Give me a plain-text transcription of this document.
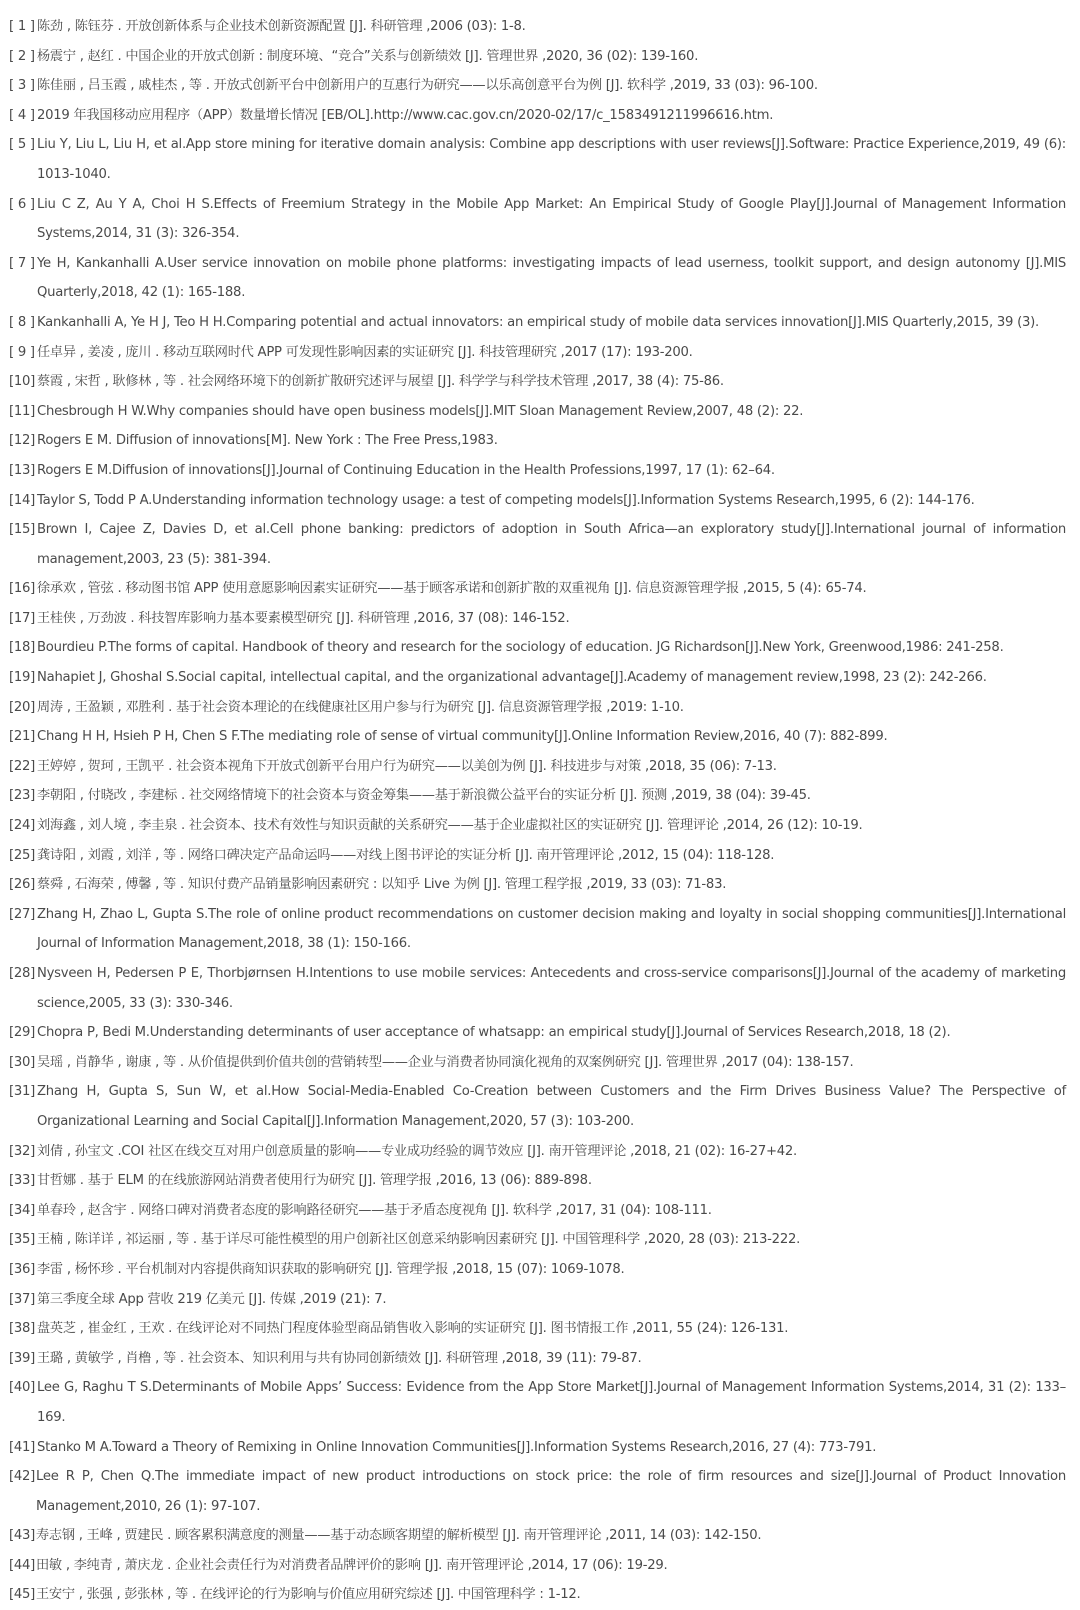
[ 1 ] 陈劲 , 陈钰芬 . 开放创新体系与企业技术创新资源配置 [J]. 科研管理 ,2006 (03): 1-8.
[ 2 ] 杨震宁 , 赵红 . 中国企业的开放式创新 : 制度环境、“竞合”关系与创新绩效 [J]. 管理世界 ,2020, 36 (02): 139-160.
[ 3 ] 陈佳丽 , 吕玉霞 , 戚桂杰 , 等 . 开放式创新平台中创新用户的互惠行为研究——以乐高创意平台为例 [J]. 软科学 ,2019, 33 (03): 96-100.
[ 4 ] 2019 年我国移动应用程序（APP）数量增长情况 [EB/OL].http://www.cac.gov.cn/2020-02/17/c_1583491211996616.htm.
[ 5 ] Liu Y, Liu L, Liu H, et al.App store mining for iterative domain analysis: Combine app descriptions with user reviews[J].Software: Practice Experience,2019, 49 (6): 1013-1040.
[ 6 ] Liu C Z, Au Y A, Choi H S.Effects of Freemium Strategy in the Mobile App Market: An Empirical Study of Google Play[J].Journal of Management Information Systems,2014, 31 (3): 326-354.
[ 7 ] Ye H, Kankanhalli A.User service innovation on mobile phone platforms: investigating impacts of lead userness, toolkit support, and design autonomy [J].MIS Quarterly,2018, 42 (1): 165-188.
[ 8 ] Kankanhalli A, Ye H J, Teo H H.Comparing potential and actual innovators: an empirical study of mobile data services innovation[J].MIS Quarterly,2015, 39 (3).
[ 9 ] 任卓异 , 姜凌 , 庞川 . 移动互联网时代 APP 可发现性影响因素的实证研究 [J]. 科技管理研究 ,2017 (17): 193-200.
[10] 蔡霞 , 宋哲 , 耿修林 , 等 . 社会网络环境下的创新扩散研究述评与展望 [J]. 科学学与科学技术管理 ,2017, 38 (4): 75-86.
[11] Chesbrough H W.Why companies should have open business models[J].MIT Sloan Management Review,2007, 48 (2): 22.
[12] Rogers E M. Diffusion of innovations[M]. New York : The Free Press,1983.
[13] Rogers E M.Diffusion of innovations[J].Journal of Continuing Education in the Health Professions,1997, 17 (1): 62–64.
[14] Taylor S, Todd P A.Understanding information technology usage: a test of competing models[J].Information Systems Research,1995, 6 (2): 144-176.
[15] Brown I, Cajee Z, Davies D, et al.Cell phone banking: predictors of adoption in South Africa—an exploratory study[J].International journal of information management,2003, 23 (5): 381-394.
[16] 徐承欢 , 管弦 . 移动图书馆 APP 使用意愿影响因素实证研究——基于顾客承诺和创新扩散的双重视角 [J]. 信息资源管理学报 ,2015, 5 (4): 65-74.
[17] 王桂侠 , 万劲波 . 科技智库影响力基本要素模型研究 [J]. 科研管理 ,2016, 37 (08): 146-152.
[18] Bourdieu P.The forms of capital. Handbook of theory and research for the sociology of education. JG Richardson[J].New York, Greenwood,1986: 241-258.
[19] Nahapiet J, Ghoshal S.Social capital, intellectual capital, and the organizational advantage[J].Academy of management review,1998, 23 (2): 242-266.
[20] 周涛 , 王盈颖 , 邓胜利 . 基于社会资本理论的在线健康社区用户参与行为研究 [J]. 信息资源管理学报 ,2019: 1-10.
[21] Chang H H, Hsieh P H, Chen S F.The mediating role of sense of virtual community[J].Online Information Review,2016, 40 (7): 882-899.
[22] 王婷婷 , 贺珂 , 王凯平 . 社会资本视角下开放式创新平台用户行为研究——以美创为例 [J]. 科技进步与对策 ,2018, 35 (06): 7-13.
[23] 李朝阳 , 付晓改 , 李建标 . 社交网络情境下的社会资本与资金筹集——基于新浪微公益平台的实证分析 [J]. 预测 ,2019, 38 (04): 39-45.
[24] 刘海鑫 , 刘人境 , 李圭泉 . 社会资本、技术有效性与知识贡献的关系研究——基于企业虚拟社区的实证研究 [J]. 管理评论 ,2014, 26 (12): 10-19.
[25] 龚诗阳 , 刘霞 , 刘洋 , 等 . 网络口碑决定产品命运吗——对线上图书评论的实证分析 [J]. 南开管理评论 ,2012, 15 (04): 118-128.
[26] 蔡舜 , 石海荣 , 傅馨 , 等 . 知识付费产品销量影响因素研究 : 以知乎 Live 为例 [J]. 管理工程学报 ,2019, 33 (03): 71-83.
[27] Zhang H, Zhao L, Gupta S.The role of online product recommendations on customer decision making and loyalty in social shopping communities[J].International Journal of Information Management,2018, 38 (1): 150-166.
[28] Nysveen H, Pedersen P E, Thorbjørnsen H.Intentions to use mobile services: Antecedents and cross-service comparisons[J].Journal of the academy of marketing science,2005, 33 (3): 330-346.
[29] Chopra P, Bedi M.Understanding determinants of user acceptance of whatsapp: an empirical study[J].Journal of Services Research,2018, 18 (2).
[30] 吴瑶 , 肖静华 , 谢康 , 等 . 从价值提供到价值共创的营销转型——企业与消费者协同演化视角的双案例研究 [J]. 管理世界 ,2017 (04): 138-157.
[31] Zhang H, Gupta S, Sun W, et al.How Social-Media-Enabled Co-Creation between Customers and the Firm Drives Business Value? The Perspective of Organizational Learning and Social Capital[J].Information Management,2020, 57 (3): 103-200.
[32] 刘倩 , 孙宝文 .COI 社区在线交互对用户创意质量的影响——专业成功经验的调节效应 [J]. 南开管理评论 ,2018, 21 (02): 16-27+42.
[33] 甘哲娜 . 基于 ELM 的在线旅游网站消费者使用行为研究 [J]. 管理学报 ,2016, 13 (06): 889-898.
[34] 单春玲 , 赵含宇 . 网络口碑对消费者态度的影响路径研究——基于矛盾态度视角 [J]. 软科学 ,2017, 31 (04): 108-111.
[35] 王楠 , 陈详详 , 祁运丽 , 等 . 基于详尽可能性模型的用户创新社区创意采纳影响因素研究 [J]. 中国管理科学 ,2020, 28 (03): 213-222.
[36] 李雷 , 杨怀珍 . 平台机制对内容提供商知识获取的影响研究 [J]. 管理学报 ,2018, 15 (07): 1069-1078.
[37] 第三季度全球 App 营收 219 亿美元 [J]. 传媒 ,2019 (21): 7.
[38] 盘英芝 , 崔金红 , 王欢 . 在线评论对不同热门程度体验型商品销售收入影响的实证研究 [J]. 图书情报工作 ,2011, 55 (24): 126-131.
[39] 王璐 , 黄敏学 , 肖橹 , 等 . 社会资本、知识利用与共有协同创新绩效 [J]. 科研管理 ,2018, 39 (11): 79-87.
[40] Lee G, Raghu T S.Determinants of Mobile Apps’ Success: Evidence from the App Store Market[J].Journal of Management Information Systems,2014, 31 (2): 133–169.
[41] Stanko M A.Toward a Theory of Remixing in Online Innovation Communities[J].Information Systems Research,2016, 27 (4): 773-791.
[42] Lee R P, Chen Q.The immediate impact of new product introductions on stock price: the role of firm resources and size[J].Journal of Product Innovation Management,2010, 26 (1): 97-107.
[43] 寿志钢 , 王峰 , 贾建民 . 顾客累积满意度的测量——基于动态顾客期望的解析模型 [J]. 南开管理评论 ,2011, 14 (03): 142-150.
[44] 田敏 , 李纯青 , 萧庆龙 . 企业社会责任行为对消费者品牌评价的影响 [J]. 南开管理评论 ,2014, 17 (06): 19-29.
[45] 王安宁 , 张强 , 彭张林 , 等 . 在线评论的行为影响与价值应用研究综述 [J]. 中国管理科学 : 1-12.
